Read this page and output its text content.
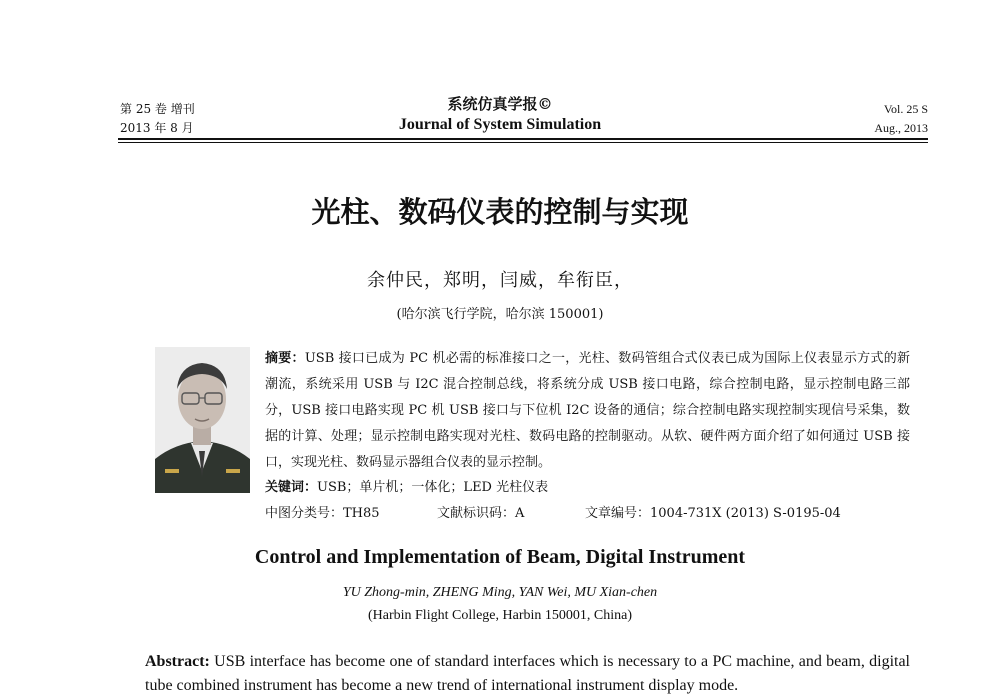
第 25 卷 增刊
2013 年 8 月
系统仿真学报©
Journal of System Simulation
Vol. 25 S
Aug., 2013
光柱、数码仪表的控制与实现
余仲民，郑明，闫威，牟衔臣，
(哈尔滨飞行学院，哈尔滨 150001)
摘要：USB 接口已成为 PC 机必需的标准接口之一，光柱、数码管组合式仪表已成为国际上仪表显示方式的新潮流，系统采用 USB 与 I2C 混合控制总线，将系统分成 USB 接口电路，综合控制电路，显示控制电路三部分，USB 接口电路实现 PC 机 USB 接口与下位机 I2C 设备的通信；综合控制电路实现控制实现信号采集，数据的计算、处理；显示控制电路实现对光柱、数码电路的控制驱动。从软、硬件两方面介绍了如何通过 USB 接口，实现光柱、数码显示器组合仪表的显示控制。
关键词：USB；单片机；一体化；LED 光柱仪表
中图分类号：TH85	文献标识码：A	文章编号：1004-731X (2013) S-0195-04
Control and Implementation of Beam, Digital Instrument
YU Zhong-min, ZHENG Ming, YAN Wei, MU Xian-chen
(Harbin Flight College, Harbin 150001, China)
Abstract: USB interface has become one of standard interfaces which is necessary to a PC machine, and beam, digital tube combined instrument has become a new trend of international instrument display mode.
